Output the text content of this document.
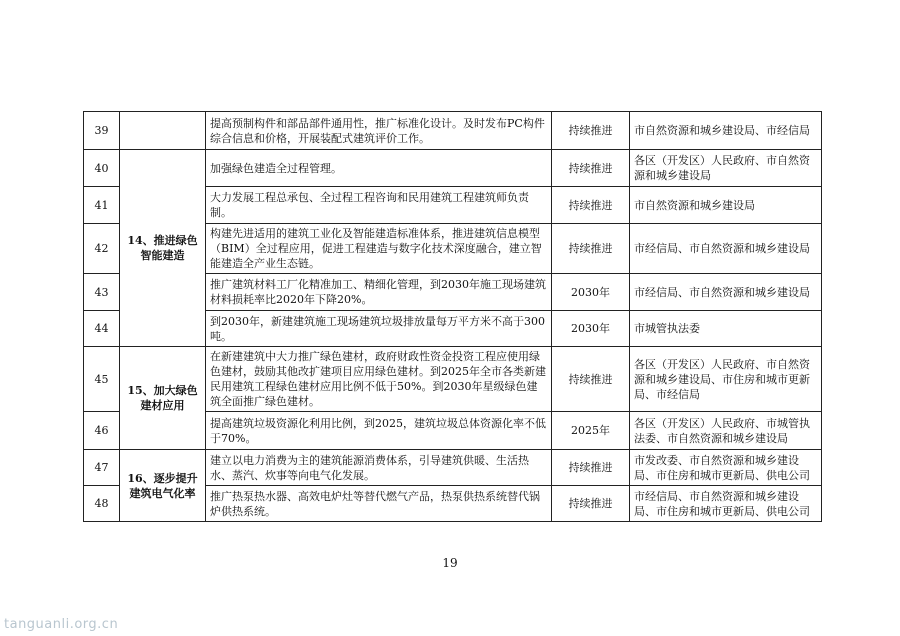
39		提高预制构件和部品部件通用性，推广标准化设计。及时发布PC构件综合信息和价格，开展装配式建筑评价工作。	持续推进	市自然资源和城乡建设局、市经信局
40	14、推进绿色智能建造	加强绿色建造全过程管理。	持续推进	各区（开发区）人民政府、市自然资源和城乡建设局
41		大力发展工程总承包、全过程工程咨询和民用建筑工程建筑师负责制。	持续推进	市自然资源和城乡建设局
42		构建先进适用的建筑工业化及智能建造标准体系，推进建筑信息模型（BIM）全过程应用，促进工程建造与数字化技术深度融合，建立智能建造全产业生态链。	持续推进	市经信局、市自然资源和城乡建设局
43		推广建筑材料工厂化精准加工、精细化管理，到2030年施工现场建筑材料损耗率比2020年下降20%。	2030年	市经信局、市自然资源和城乡建设局
44		到2030年，新建建筑施工现场建筑垃圾排放量每万平方米不高于300吨。	2030年	市城管执法委
45	15、加大绿色建材应用	在新建建筑中大力推广绿色建材，政府财政性资金投资工程应使用绿色建材，鼓励其他改扩建项目应用绿色建材。到2025年全市各类新建民用建筑工程绿色建材应用比例不低于50%。到2030年星级绿色建筑全面推广绿色建材。	持续推进	各区（开发区）人民政府、市自然资源和城乡建设局、市住房和城市更新局、市经信局
46		提高建筑垃圾资源化利用比例，到2025，建筑垃圾总体资源化率不低于70%。	2025年	各区（开发区）人民政府、市城管执法委、市自然资源和城乡建设局
47	16、逐步提升建筑电气化率	建立以电力消费为主的建筑能源消费体系，引导建筑供暖、生活热水、蒸汽、炊事等向电气化发展。	持续推进	市发改委、市自然资源和城乡建设局、市住房和城市更新局、供电公司
48		推广热泵热水器、高效电炉灶等替代燃气产品，热泵供热系统替代锅炉供热系统。	持续推进	市经信局、市自然资源和城乡建设局、市住房和城市更新局、供电公司
19
tanguanli.org.cn
